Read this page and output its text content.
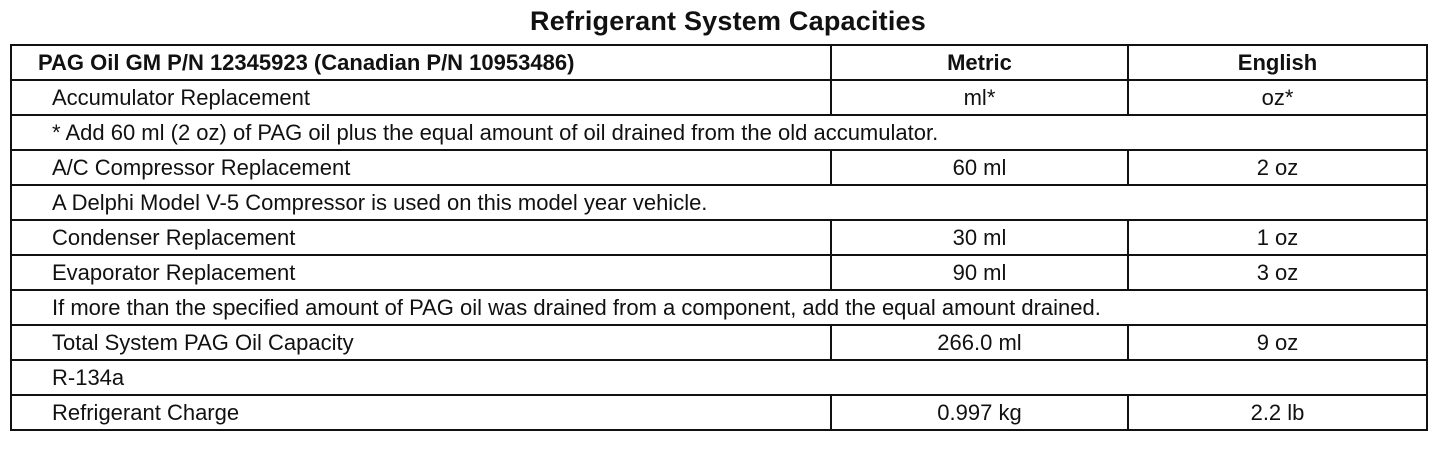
Refrigerant System Capacities
PAG Oil GM P/N 12345923 (Canadian P/N 10953486)	Metric	English
Accumulator Replacement	ml*	oz*
* Add 60 ml (2 oz) of PAG oil plus the equal amount of oil drained from the old accumulator.		
A/C Compressor Replacement	60 ml	2 oz
A Delphi Model V-5 Compressor is used on this model year vehicle.		
Condenser Replacement	30 ml	1 oz
Evaporator Replacement	90 ml	3 oz
If more than the specified amount of PAG oil was drained from a component, add the equal amount drained.		
Total System PAG Oil Capacity	266.0 ml	9 oz
R-134a		
Refrigerant Charge	0.997 kg	2.2 lb
